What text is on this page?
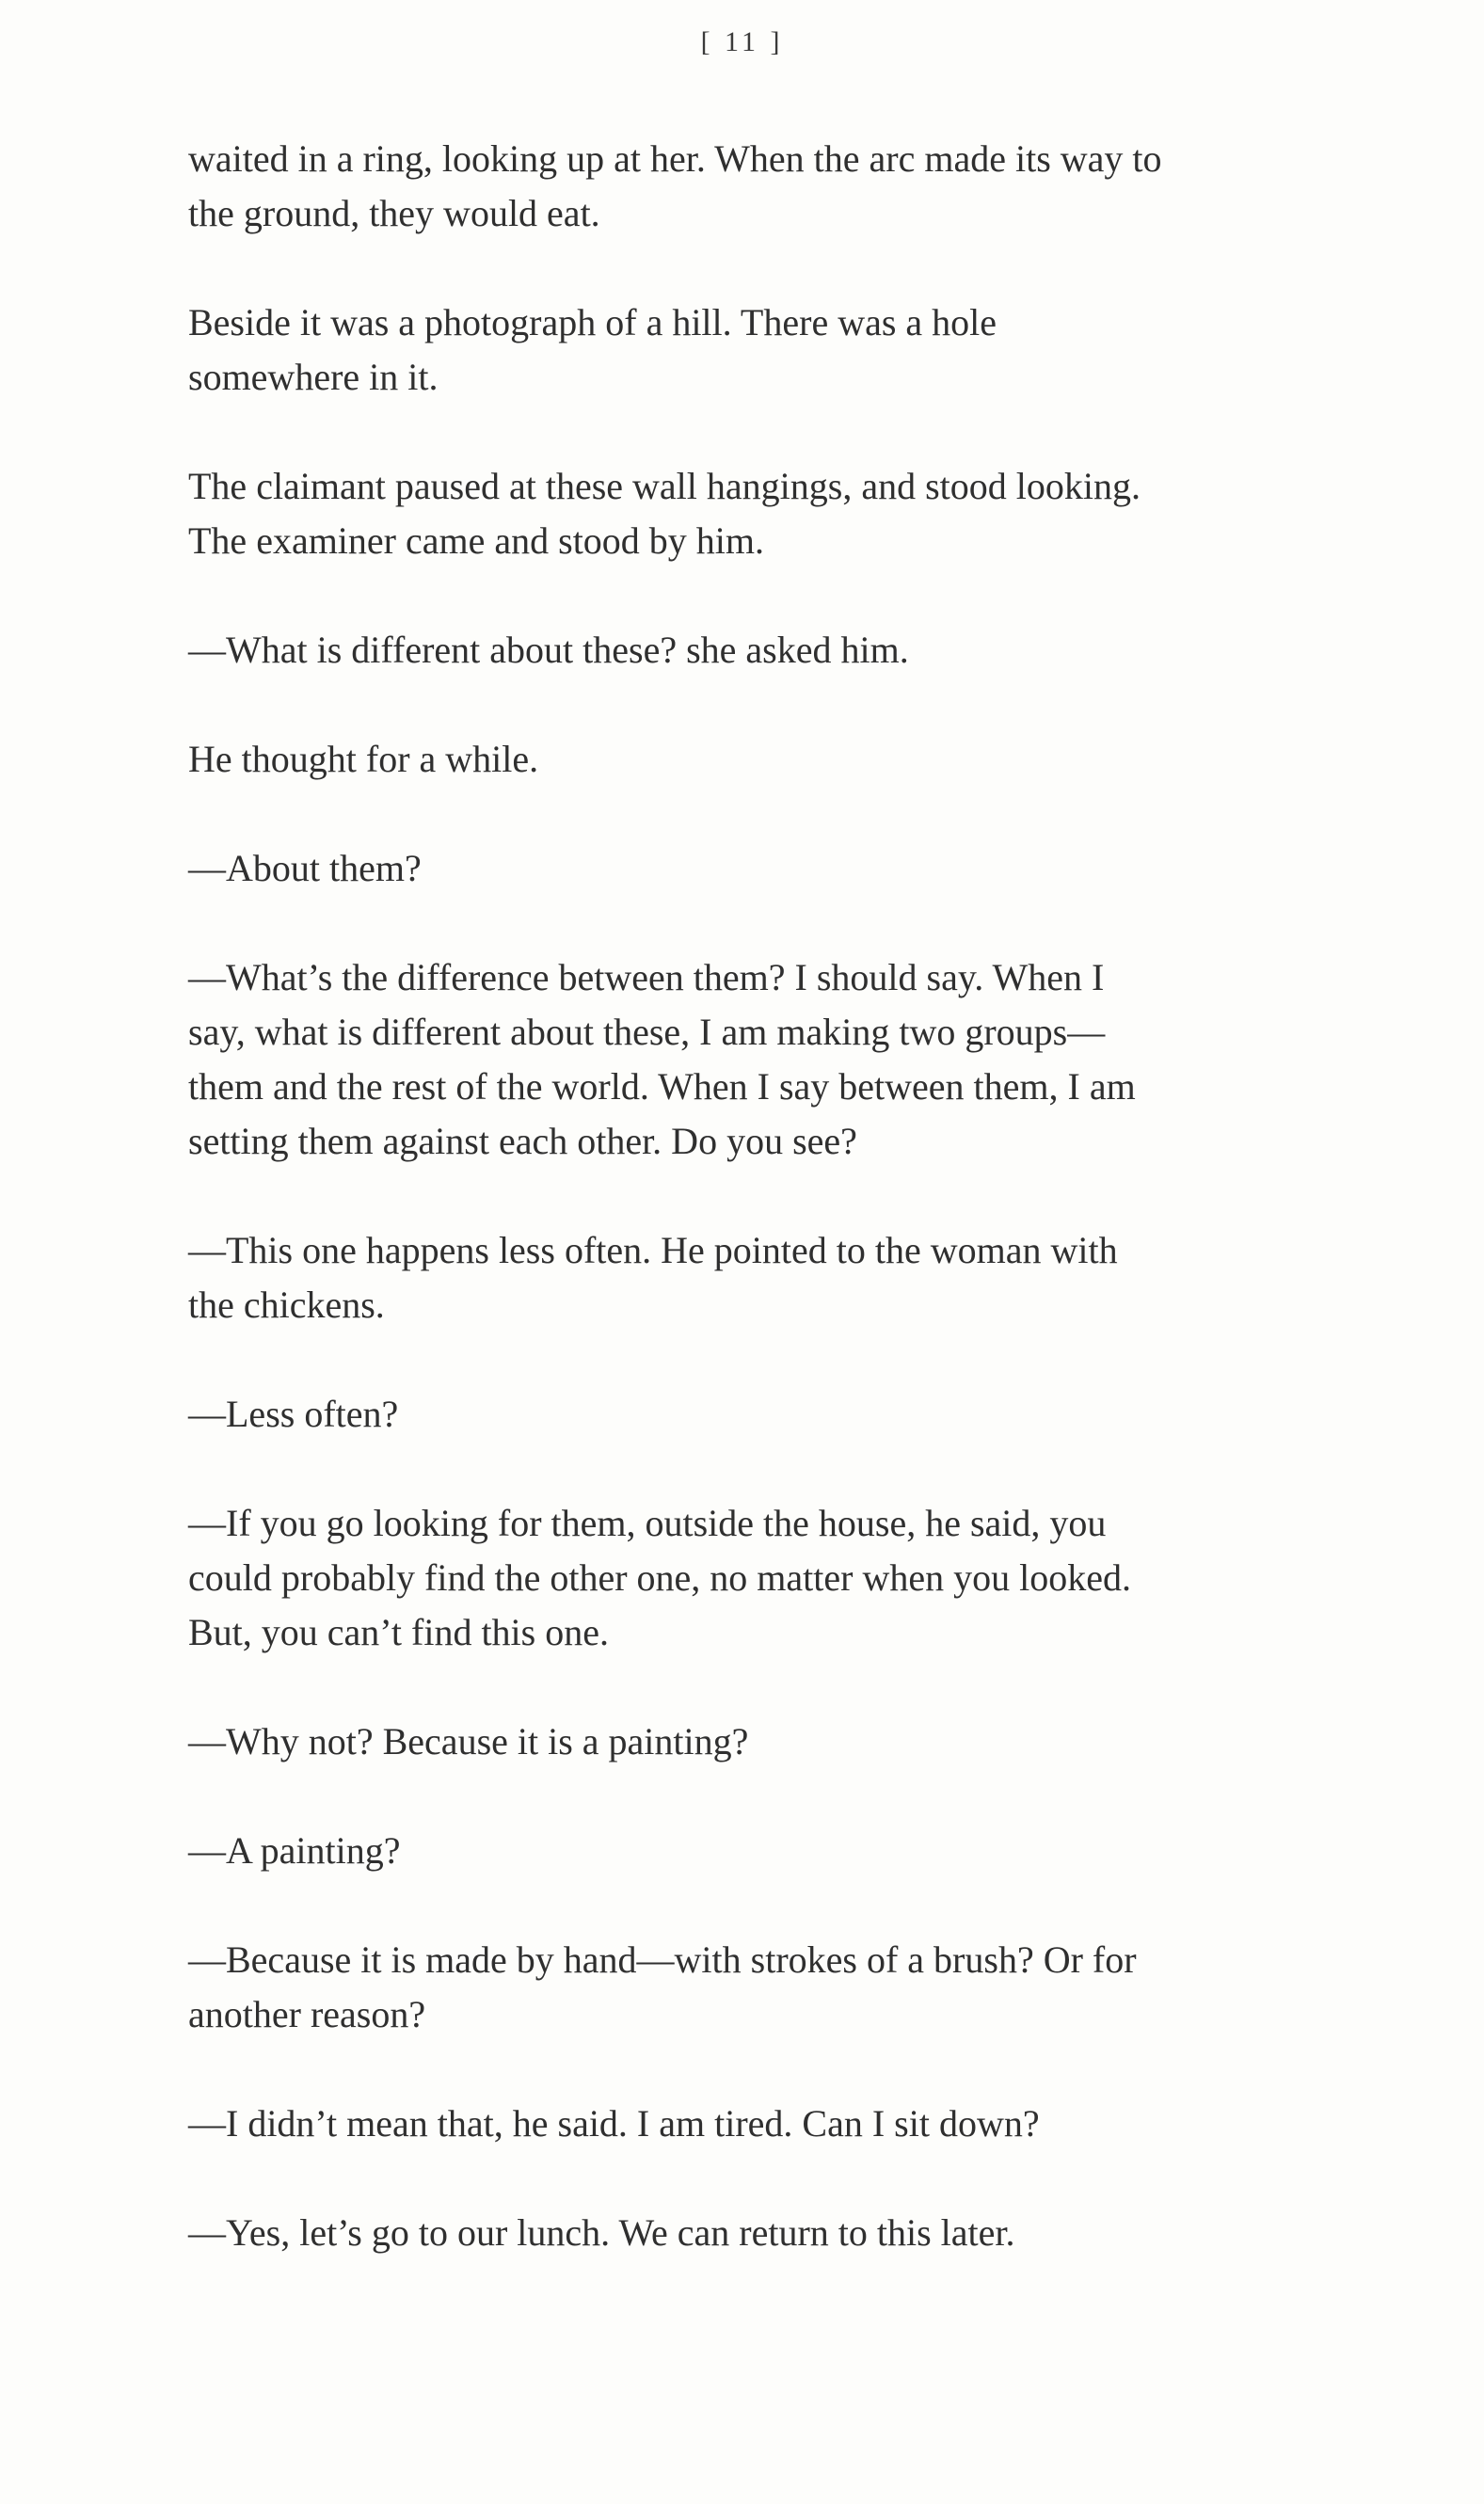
[ 11 ]

waited in a ring, looking up at her. When the arc made its way to
the ground, they would eat.

Beside it was a photograph of a hill. There was a hole
somewhere in it.

The claimant paused at these wall hangings, and stood looking.
The examiner came and stood by him.

—What is different about these? she asked him.

He thought for a while.

—About them?

—What’s the difference between them? I should say. When I
say, what is different about these, I am making two groups—
them and the rest of the world. When I say between them, I am
setting them against each other. Do you see?

—This one happens less often. He pointed to the woman with
the chickens.

—Less often?

—If you go looking for them, outside the house, he said, you
could probably find the other one, no matter when you looked.
But, you can’t find this one.

—Why not? Because it is a painting?

—A painting?

—Because it is made by hand—with strokes of a brush? Or for
another reason?

—I didn’t mean that, he said. I am tired. Can I sit down?

—Yes, let’s go to our lunch. We can return to this later.
